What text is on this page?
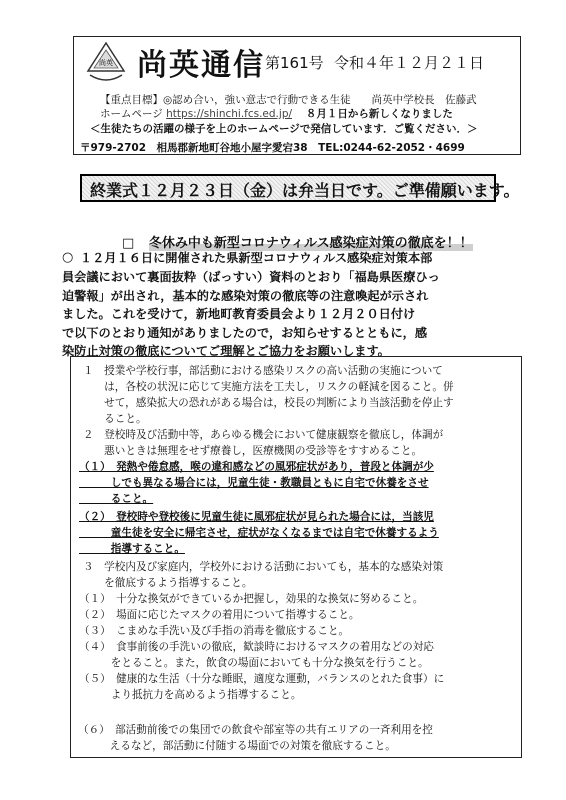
尚英 尚英通信 第161号 令和４年１２月２１日
【重点目標】◎認め合い，強い意志で行動できる生徒　　尚英中学校長　佐藤武
ホームページ https://shinchi.fcs.ed.jp/ 　８月１日から新しくなりました
＜生徒たちの活躍の様子を上のホームページで発信しています．ご覧ください．＞
〒979-2702　相馬郡新地町谷地小屋字愛宕38　TEL:0244-62-2052・4699
終業式１２月２３日（金）は弁当日です。ご準備願います。
□ 冬休み中も新型コロナウィルス感染症対策の徹底を！！
○ １２月１６日に開催された県新型コロナウィルス感染症対策本部
員会議において裏面抜粋（ばっすい）資料のとおり「福島県医療ひっ
迫警報」が出され，基本的な感染対策の徹底等の注意喚起が示され
ました。これを受けて，新地町教育委員会より１２月２０日付け
で以下のとおり通知がありましたので，お知らせするとともに，感
染防止対策の徹底についてご理解とご協力をお願いします。
１　授業や学校行事，部活動における感染リスクの高い活動の実施について
　　は，各校の状況に応じて実施方法を工夫し，リスクの軽減を図ること。併
　　せて，感染拡大の恐れがある場合は，校長の判断により当該活動を停止す
　　ること。
２　登校時及び活動中等，あらゆる機会において健康観察を徹底し，体調が
　　悪いときは無理をせず療養し，医療機関の受診等をすすめること。
（１）　発熱や倦怠感，喉の違和感などの風邪症状があり，普段と体調が少
　　　しでも異なる場合には，児童生徒・教職員ともに自宅で休養をさせ
　　　ること。
（２）　登校時や登校後に児童生徒に風邪症状が見られた場合には，当該児
　　　童生徒を安全に帰宅させ，症状がなくなるまでは自宅で休養するよう
　　　指導すること。
３　学校内及び家庭内，学校外における活動においても，基本的な感染対策
　　を徹底するよう指導すること。
（１）　十分な換気ができているか把握し，効果的な換気に努めること。
（２）　場面に応じたマスクの着用について指導すること。
（３）　こまめな手洗い及び手指の消毒を徹底すること。
（４）　食事前後の手洗いの徹底，歓談時におけるマスクの着用などの対応
　　　をとること。また，飲食の場面においても十分な換気を行うこと。
（５）　健康的な生活（十分な睡眠，適度な運動，バランスのとれた食事）に
　　　より抵抗力を高めるよう指導すること。
（６）　部活動前後での集団での飲食や部室等の共有エリアの一斉利用を控
　　　えるなど，部活動に付随する場面での対策を徹底すること。
